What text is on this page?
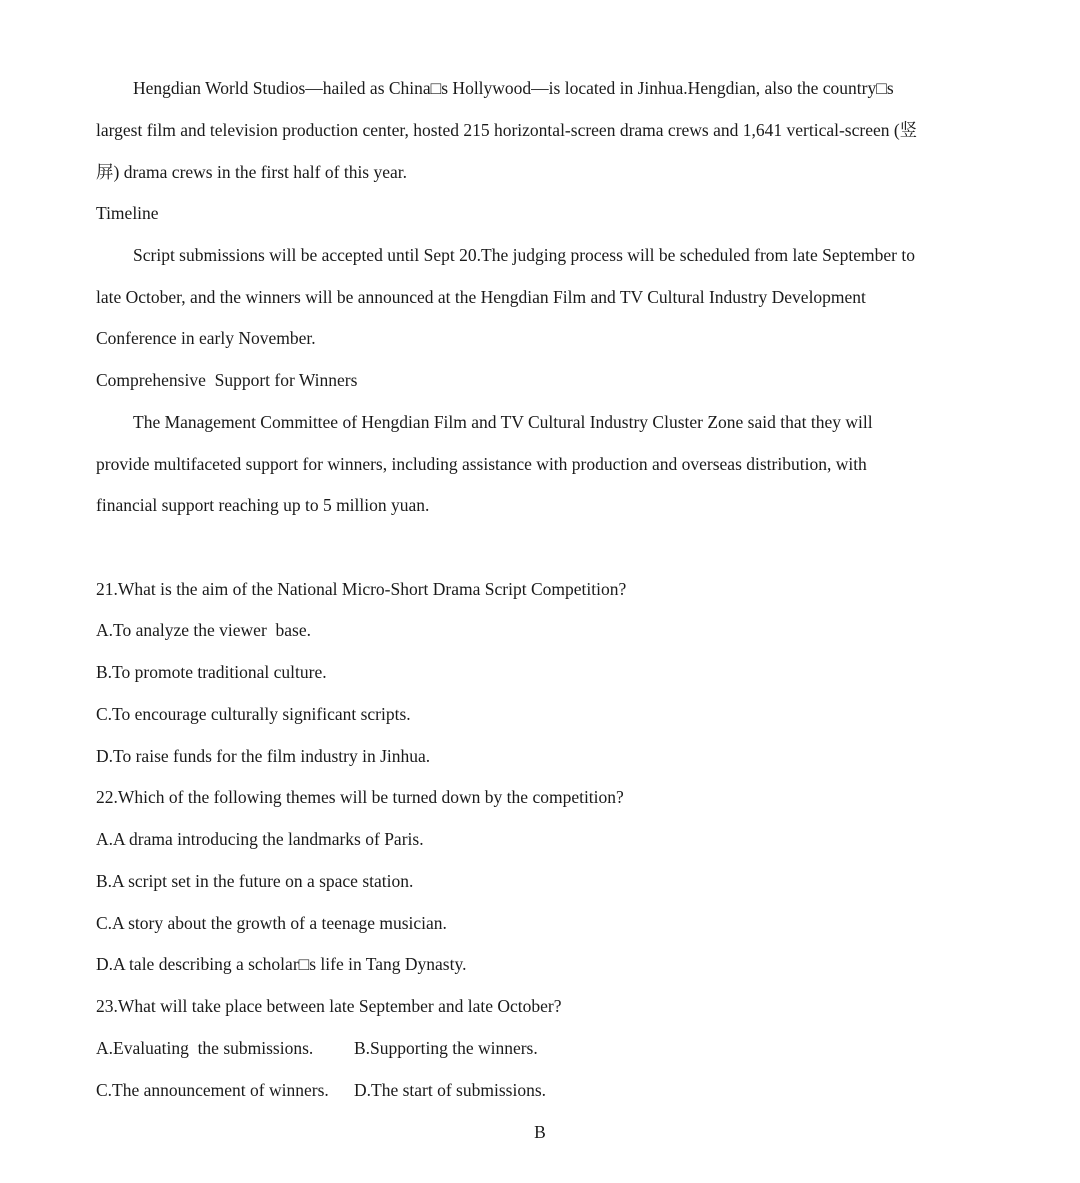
Hengdian World Studios—hailed as China□s Hollywood—is located in Jinhua.Hengdian, also the country□s
largest film and television production center, hosted 215 horizontal-screen drama crews and 1,641 vertical-screen (竖
屏) drama crews in the first half of this year.
Timeline
Script submissions will be accepted until Sept 20.The judging process will be scheduled from late September to
late October, and the winners will be announced at the Hengdian Film and TV Cultural Industry Development
Conference in early November.
Comprehensive  Support for Winners
The Management Committee of Hengdian Film and TV Cultural Industry Cluster Zone said that they will
provide multifaceted support for winners, including assistance with production and overseas distribution, with
financial support reaching up to 5 million yuan.
21.What is the aim of the National Micro-Short Drama Script Competition?
A.To analyze the viewer  base.
B.To promote traditional culture.
C.To encourage culturally significant scripts.
D.To raise funds for the film industry in Jinhua.
22.Which of the following themes will be turned down by the competition?
A.A drama introducing the landmarks of Paris.
B.A script set in the future on a space station.
C.A story about the growth of a teenage musician.
D.A tale describing a scholar□s life in Tang Dynasty.
23.What will take place between late September and late October?
A.Evaluating  the submissions. B.Supporting the winners.
C.The announcement of winners. D.The start of submissions.
B
